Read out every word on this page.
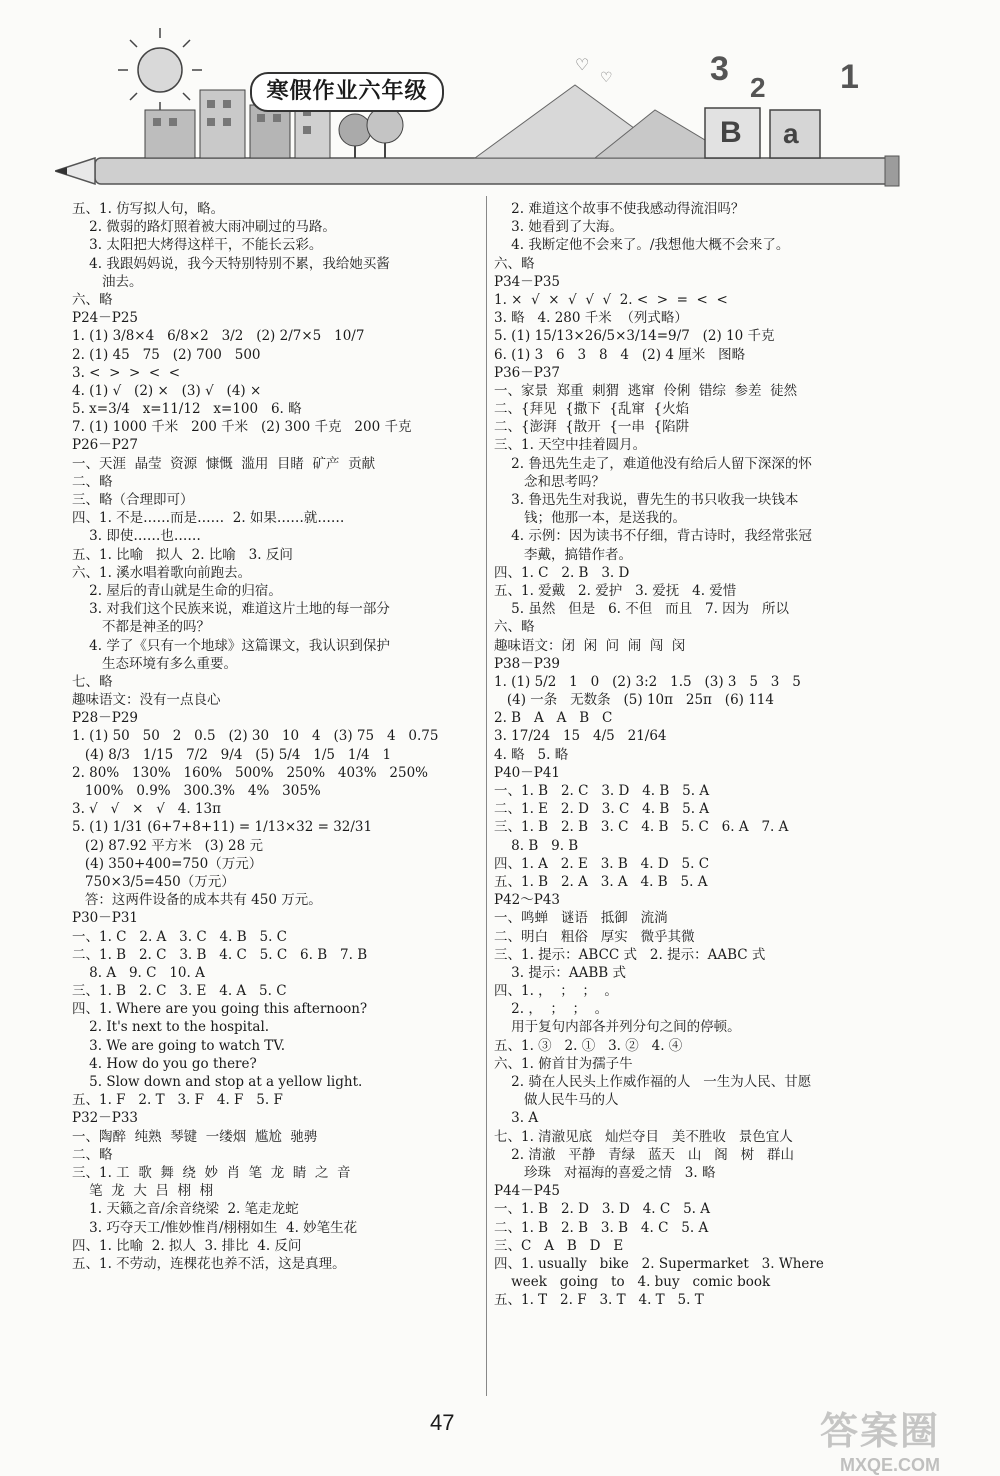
♡
♡
寒假作业六年级
3 2
B a
1
五、1. 仿写拟人句，略。
2. 微弱的路灯照着被大雨冲刷过的马路。
3. 太阳把大烤得这样干，不能长云彩。
4. 我跟妈妈说，我今天特别特别不累，我给她买酱
油去。
六、略
P24－P25
1. (1) 3/8×4   6/8×2   3/2   (2) 2/7×5   10/7
2. (1) 45   75   (2) 700   500
3. <  >  >  <  <
4. (1) √   (2) ×   (3) √   (4) ×
5. x=3/4   x=11/12   x=100   6. 略
7. (1) 1000 千米   200 千米   (2) 300 千克   200 千克
P26－P27
一、天涯  晶莹  资源  慷慨  滥用  目睹  矿产  贡献
二、略
三、略（合理即可）
四、1. 不是……而是……  2. 如果……就……
3. 即使……也……
五、1. 比喻   拟人  2. 比喻   3. 反问
六、1. 溪水唱着歌向前跑去。
2. 屋后的青山就是生命的归宿。
3. 对我们这个民族来说，难道这片土地的每一部分
不都是神圣的吗？
4. 学了《只有一个地球》这篇课文，我认识到保护
生态环境有多么重要。
七、略
趣味语文：没有一点良心
P28－P29
1. (1) 50   50   2   0.5   (2) 30   10   4   (3) 75   4   0.75
(4) 8/3   1/15   7/2   9/4   (5) 5/4   1/5   1/4   1
2. 80%   130%   160%   500%   250%   403%   250%
100%   0.9%   300.3%   4%   305%
3. √   √   ×   √   4. 13π
5. (1) 1/31 (6+7+8+11) = 1/13×32 = 32/31
(2) 87.92 平方米   (3) 28 元
(4) 350+400=750（万元）
750×3/5=450（万元）
答：这两件设备的成本共有 450 万元。
P30－P31
一、1. C   2. A   3. C   4. B   5. C
二、1. B   2. C   3. B   4. C   5. C   6. B   7. B
8. A   9. C   10. A
三、1. B   2. C   3. E   4. A   5. C
四、1. Where are you going this afternoon?
2. It's next to the hospital.
3. We are going to watch TV.
4. How do you go there?
5. Slow down and stop at a yellow light.
五、1. F   2. T   3. F   4. F   5. F
P32－P33
一、陶醉  纯熟  琴键  一缕烟  尴尬  驰骋
二、略
三、1. 工  歌  舞  绕  妙  肖  笔  龙  睛  之  音
笔  龙  大  吕  栩  栩
1. 天籁之音/余音绕梁  2. 笔走龙蛇
3. 巧夺天工/惟妙惟肖/栩栩如生  4. 妙笔生花
四、1. 比喻  2. 拟人  3. 排比  4. 反问
五、1. 不劳动，连棵花也养不活，这是真理。
2. 难道这个故事不使我感动得流泪吗？
3. 她看到了大海。
4. 我断定他不会来了。/我想他大概不会来了。
六、略
P34－P35
1. ×  √  ×  √  √  √  2. <  >  =  <  <
3. 略   4. 280 千米  （列式略）
5. (1) 15/13×26/5×3/14=9/7   (2) 10 千克
6. (1) 3   6   3   8   4   (2) 4 厘米   图略
P36－P37
一、家景  郑重  刺猬  逃窜  伶俐  错综  参差  徒然
二、{拜见  {撒下  {乱窜  {火焰
二、{澎湃  {散开  {一串  {陷阱
三、1. 天空中挂着圆月。
2. 鲁迅先生走了，难道他没有给后人留下深深的怀
念和思考吗？
3. 鲁迅先生对我说，曹先生的书只收我一块钱本
钱；他那一本，是送我的。
4. 示例：因为读书不仔细，背古诗时，我经常张冠
李戴，搞错作者。
四、1. C   2. B   3. D
五、1. 爱戴   2. 爱护   3. 爱抚   4. 爱惜
5. 虽然   但是   6. 不但   而且   7. 因为   所以
六、略
趣味语文：闭  闲  问  闹  闯  闵
P38－P39
1. (1) 5/2   1   0   (2) 3:2   1.5   (3) 3   5   3   5
(4) 一条   无数条   (5) 10π   25π   (6) 114
2. B   A   A   B   C
3. 17/24   15   4/5   21/64
4. 略   5. 略
P40－P41
一、1. B   2. C   3. D   4. B   5. A
二、1. E   2. D   3. C   4. B   5. A
三、1. B   2. B   3. C   4. B   5. C   6. A   7. A
8. B   9. B
四、1. A   2. E   3. B   4. D   5. C
五、1. B   2. A   3. A   4. B   5. A
P42～P43
一、鸣蝉   谜语   抵御   流淌
二、明白   粗俗   厚实   微乎其微
三、1. 提示：ABCC 式   2. 提示：AABC 式
3. 提示：AABB 式
四、1. ，  ；  ；  。
2. ，  ；  ；  。
用于复句内部各并列分句之间的停顿。
五、1. ③   2. ①   3. ②   4. ④
六、1. 俯首甘为孺子牛
2. 骑在人民头上作威作福的人   一生为人民、甘愿
做人民牛马的人
3. A
七、1. 清澈见底   灿烂夺目   美不胜收   景色宜人
2. 清澈   平静   青绿   蓝天   山   阁   树   群山
珍珠   对福海的喜爱之情   3. 略
P44－P45
一、1. B   2. D   3. D   4. C   5. A
二、1. B   2. B   3. B   4. C   5. A
三、C   A   B   D   E
四、1. usually   bike   2. Supermarket   3. Where
week   going   to   4. buy   comic book
五、1. T   2. F   3. T   4. T   5. T
47	答案圈
MXQE.COM
